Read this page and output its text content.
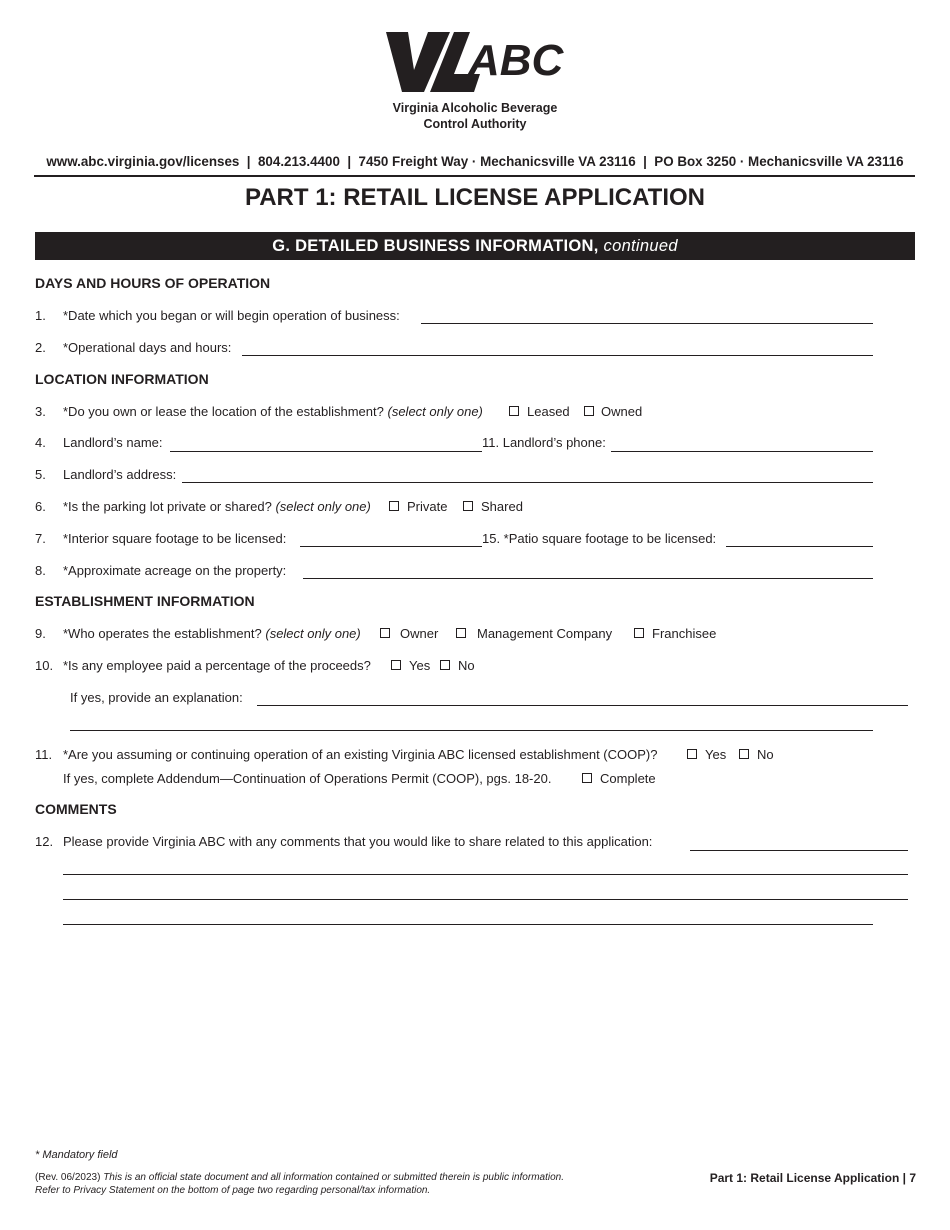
ABC
Virginia Alcoholic Beverage
Control Authority
www.abc.virginia.gov/licenses  |  804.213.4400  |  7450 Freight Way · Mechanicsville VA 23116  |  PO Box 3250 · Mechanicsville VA 23116
PART 1: RETAIL LICENSE APPLICATION
G. DETAILED BUSINESS INFORMATION, continued
DAYS AND HOURS OF OPERATION
1. *Date which you began or will begin operation of business:
2. *Operational days and hours:
LOCATION INFORMATION
3. *Do you own or lease the location of the establishment? (select only one)	Leased Owned
4. Landlord’s name:	11. Landlord’s phone:
5. Landlord’s address:
6. *Is the parking lot private or shared? (select only one)	Private	Shared
7. *Interior square footage to be licensed:	15. *Patio square footage to be licensed:
8. *Approximate acreage on the property:
ESTABLISHMENT INFORMATION
9. *Who operates the establishment? (select only one)	Owner	Management Company	Franchisee
10. *Is any employee paid a percentage of the proceeds?	Yes No
If yes, provide an explanation:
11. *Are you assuming or continuing operation of an existing Virginia ABC licensed establishment (COOP)?	Yes No
If yes, complete Addendum—Continuation of Operations Permit (COOP), pgs. 18-20.	Complete
COMMENTS
12. Please provide Virginia ABC with any comments that you would like to share related to this application:
* Mandatory field
(Rev. 06/2023) This is an official state document and all information contained or submitted therein is public information.
Refer to Privacy Statement on the bottom of page two regarding personal/tax information.
Part 1: Retail License Application | 7
